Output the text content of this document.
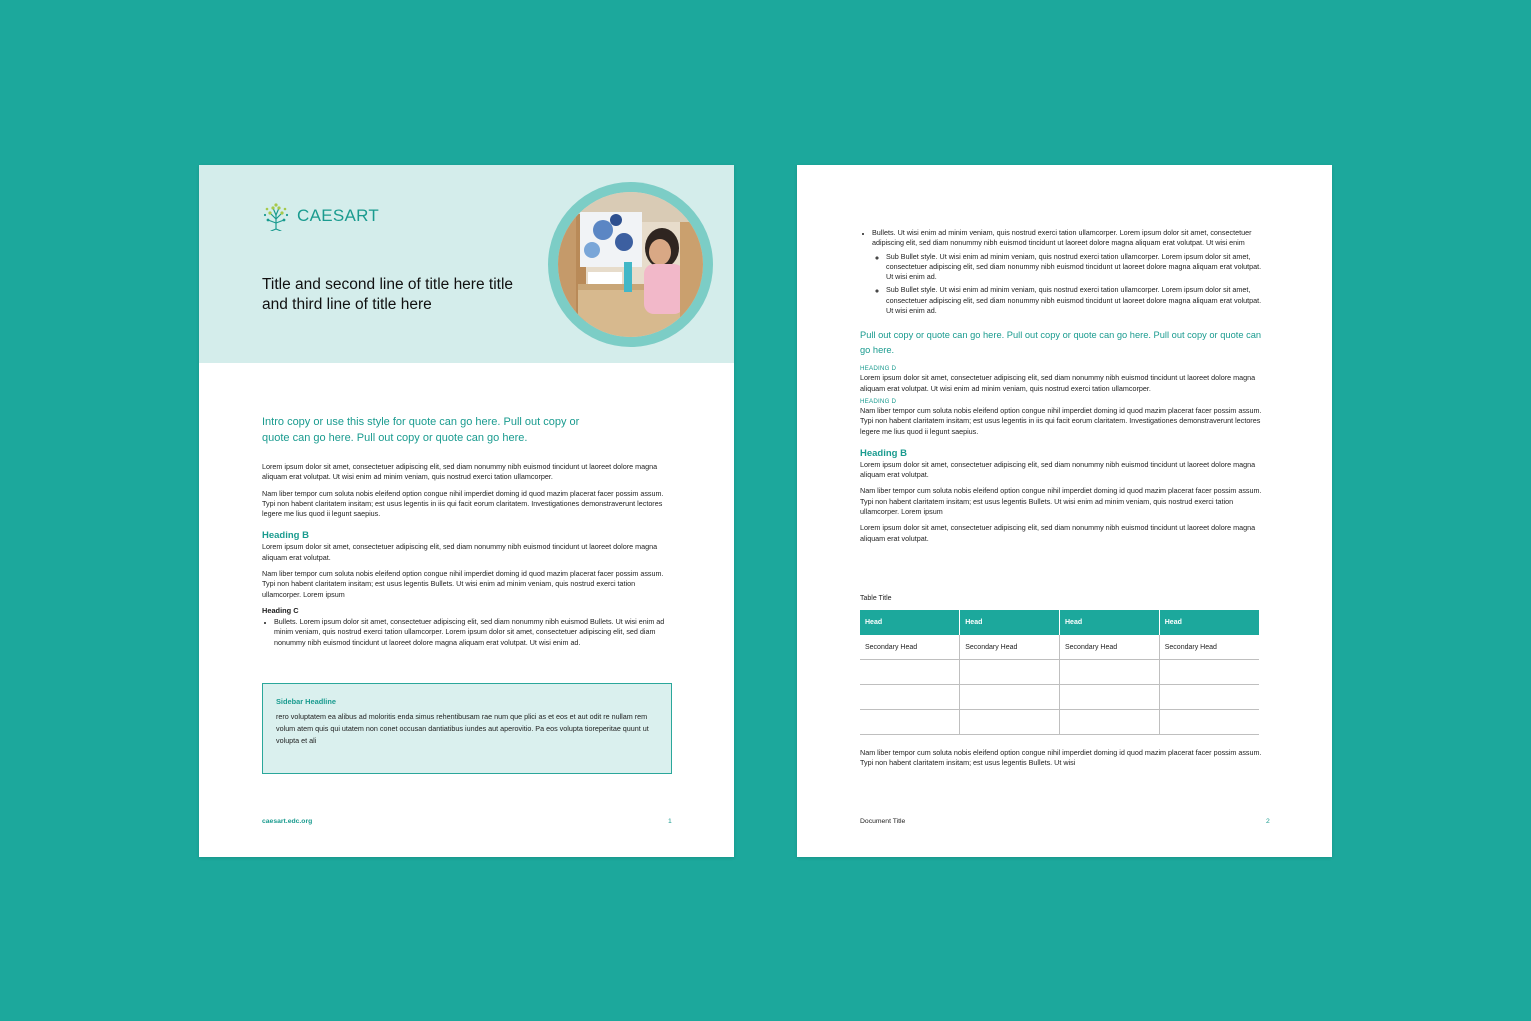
CAESART
Title and second line of title here title and third line of title here

Intro copy or use this style for quote can go here. Pull out copy or quote can go here. Pull out copy or quote can go here.

Lorem ipsum dolor sit amet, consectetuer adipiscing elit, sed diam nonummy nibh euismod tincidunt ut laoreet dolore magna aliquam erat volutpat. Ut wisi enim ad minim veniam, quis nostrud exerci tation ullamcorper.

Nam liber tempor cum soluta nobis eleifend option congue nihil imperdiet doming id quod mazim placerat facer possim assum. Typi non habent claritatem insitam; est usus legentis in iis qui facit eorum claritatem. Investigationes demonstraverunt lectores legere me lius quod ii legunt saepius.

Heading B

Lorem ipsum dolor sit amet, consectetuer adipiscing elit, sed diam nonummy nibh euismod tincidunt ut laoreet dolore magna aliquam erat volutpat.

Nam liber tempor cum soluta nobis eleifend option congue nihil imperdiet doming id quod mazim placerat facer possim assum. Typi non habent claritatem insitam; est usus legentis Bullets. Ut wisi enim ad minim veniam, quis nostrud exerci tation ullamcorper. Lorem ipsum

Heading C
• Bullets. Lorem ipsum dolor sit amet, consectetuer adipiscing elit, sed diam nonummy nibh euismod Bullets. Ut wisi enim ad minim veniam, quis nostrud exerci tation ullamcorper. Lorem ipsum dolor sit amet, consectetuer adipiscing elit, sed diam nonummy nibh euismod tincidunt ut laoreet dolore magna aliquam erat volutpat. Ut wisi enim ad.
Sidebar Headline

rero voluptatem ea alibus ad moloritis enda simus rehentibusam rae num que plici as et eos et aut odit re nullam rem volum atem quis qui utatem non conet occusan dantiatibus iundes aut aperovitio. Pa eos volupta tioreperitae quunt ut volupta et ali

caesart.edc.org	1
• Bullets. Ut wisi enim ad minim veniam, quis nostrud exerci tation ullamcorper. Lorem ipsum dolor sit amet, consectetuer adipiscing elit, sed diam nonummy nibh euismod tincidunt ut laoreet dolore magna aliquam erat volutpat. Ut wisi enim
◦ Sub Bullet style. Ut wisi enim ad minim veniam, quis nostrud exerci tation ullamcorper. Lorem ipsum dolor sit amet, consectetuer adipiscing elit, sed diam nonummy nibh euismod tincidunt ut laoreet dolore magna aliquam erat volutpat. Ut wisi enim ad.
◦ Sub Bullet style. Ut wisi enim ad minim veniam, quis nostrud exerci tation ullamcorper. Lorem ipsum dolor sit amet, consectetuer adipiscing elit, sed diam nonummy nibh euismod tincidunt ut laoreet dolore magna aliquam erat volutpat. Ut wisi enim ad.

Pull out copy or quote can go here. Pull out copy or quote can go here. Pull out copy or quote can go here.

HEADING D

Lorem ipsum dolor sit amet, consectetuer adipiscing elit, sed diam nonummy nibh euismod tincidunt ut laoreet dolore magna aliquam erat volutpat. Ut wisi enim ad minim veniam, quis nostrud exerci tation ullamcorper.

HEADING D

Nam liber tempor cum soluta nobis eleifend option congue nihil imperdiet doming id quod mazim placerat facer possim assum. Typi non habent claritatem insitam; est usus legentis in iis qui facit eorum claritatem. Investigationes demonstraverunt lectores legere me lius quod ii legunt saepius.

Heading B

Lorem ipsum dolor sit amet, consectetuer adipiscing elit, sed diam nonummy nibh euismod tincidunt ut laoreet dolore magna aliquam erat volutpat.

Nam liber tempor cum soluta nobis eleifend option congue nihil imperdiet doming id quod mazim placerat facer possim assum. Typi non habent claritatem insitam; est usus legentis Bullets. Ut wisi enim ad minim veniam, quis nostrud exerci tation ullamcorper. Lorem ipsum

Lorem ipsum dolor sit amet, consectetuer adipiscing elit, sed diam nonummy nibh euismod tincidunt ut laoreet dolore magna aliquam erat volutpat.

Table Title
Head	Head	Head	Head
Secondary Head	Secondary Head	Secondary Head	Secondary Head

Nam liber tempor cum soluta nobis eleifend option congue nihil imperdiet doming id quod mazim placerat facer possim assum. Typi non habent claritatem insitam; est usus legentis Bullets. Ut wisi

Document Title	2
